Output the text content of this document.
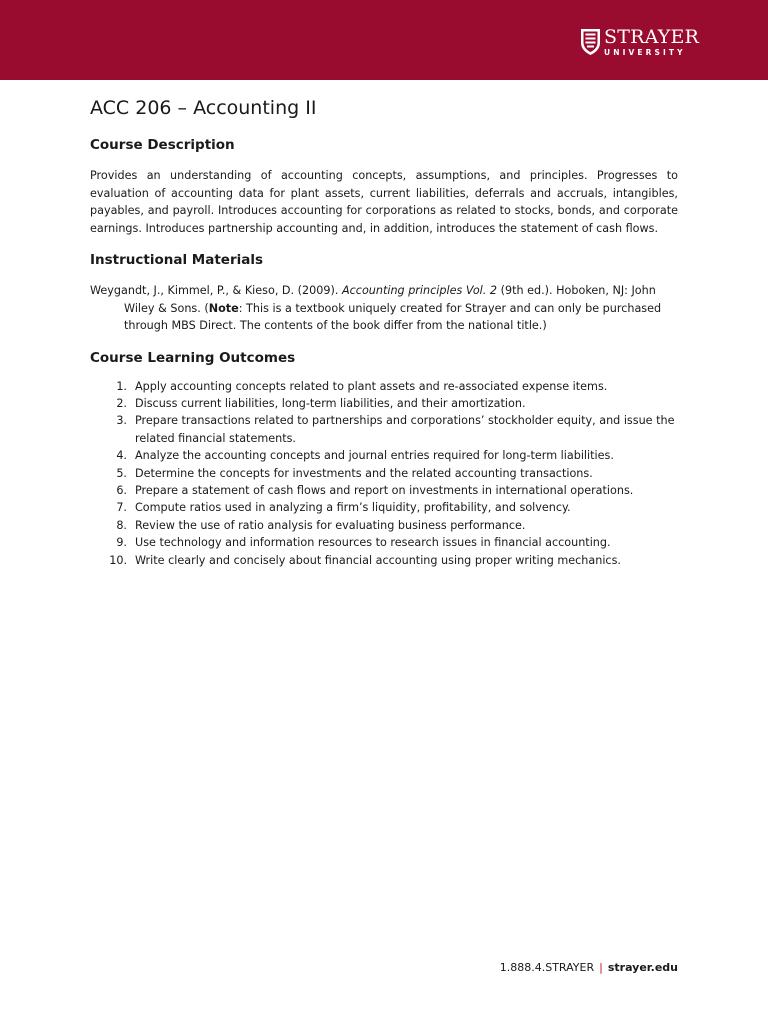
STRAYER
UNIVERSITY
ACC 206 – Accounting II
Course Description

Provides an understanding of accounting concepts, assumptions, and principles. Progresses to evaluation of accounting data for plant assets, current liabilities, deferrals and accruals, intangibles, payables, and payroll. Introduces accounting for corporations as related to stocks, bonds, and corporate earnings. Introduces partnership accounting and, in addition, introduces the statement of cash flows.

Instructional Materials

Weygandt, J., Kimmel, P., & Kieso, D. (2009). Accounting principles Vol. 2 (9th ed.). Hoboken, NJ: John Wiley & Sons. (Note: This is a textbook uniquely created for Strayer and can only be purchased through MBS Direct. The contents of the book differ from the national title.)

Course Learning Outcomes
1. Apply accounting concepts related to plant assets and re-associated expense items.
2. Discuss current liabilities, long-term liabilities, and their amortization.
3. Prepare transactions related to partnerships and corporations’ stockholder equity, and issue the related financial statements.
4. Analyze the accounting concepts and journal entries required for long-term liabilities.
5. Determine the concepts for investments and the related accounting transactions.
6. Prepare a statement of cash flows and report on investments in international operations.
7. Compute ratios used in analyzing a firm’s liquidity, profitability, and solvency.
8. Review the use of ratio analysis for evaluating business performance.
9. Use technology and information resources to research issues in financial accounting.
10. Write clearly and concisely about financial accounting using proper writing mechanics.
1.888.4.STRAYER | strayer.edu
